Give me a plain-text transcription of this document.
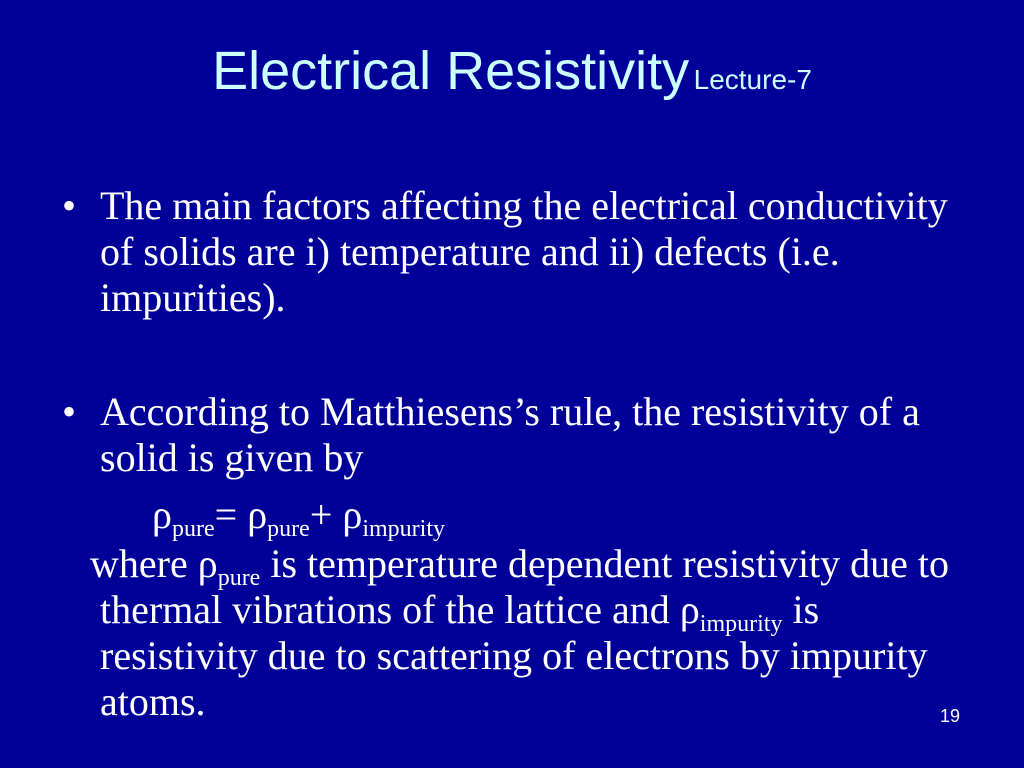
Electrical Resistivity Lecture-7
• The main factors affecting the electrical conductivity of solids are i) temperature and ii) defects (i.e. impurities).
• According to Matthiesens’s rule, the resistivity of a solid is given by
$\rho_{pure}= \rho_{pure}+ \rho_{impurity}$
where $\rho_{pure}$ is temperature dependent resistivity due to thermal vibrations of the lattice and $\rho_{impurity}$ is resistivity due to scattering of electrons by impurity atoms.	19
